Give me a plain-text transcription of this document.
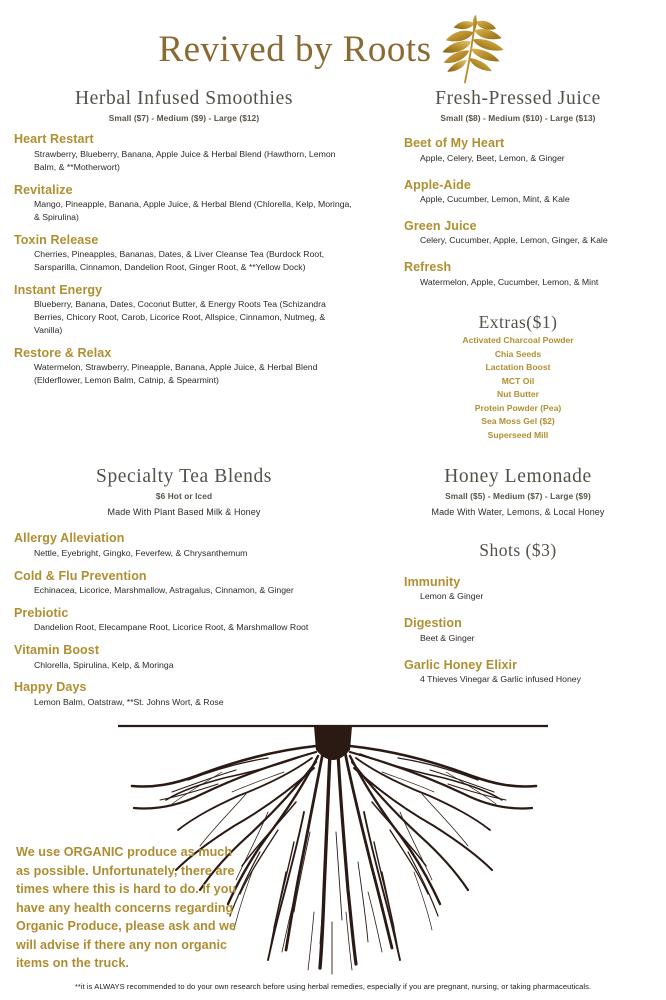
Revived by Roots
Herbal Infused Smoothies
Small ($7) - Medium ($9) - Large ($12)
Heart Restart
Strawberry, Blueberry, Banana, Apple Juice & Herbal Blend (Hawthorn, Lemon Balm, & **Motherwort)
Revitalize
Mango, Pineapple, Banana, Apple Juice, & Herbal Blend (Chlorella, Kelp, Moringa, & Spirulina)
Toxin Release
Cherries, Pineapples, Bananas, Dates, & Liver Cleanse Tea (Burdock Root, Sarsparilla, Cinnamon, Dandelion Root, Ginger Root, & **Yellow Dock)
Instant Energy
Blueberry, Banana, Dates, Coconut Butter, & Energy Roots Tea (Schizandra Berries, Chicory Root, Carob, Licorice Root, Allspice, Cinnamon, Nutmeg, & Vanilla)
Restore & Relax
Watermelon, Strawberry, Pineapple, Banana, Apple Juice, & Herbal Blend (Elderflower, Lemon Balm, Catnip, & Spearmint)
Fresh-Pressed Juice
Small ($8) - Medium ($10) - Large ($13)
Beet of My Heart
Apple, Celery, Beet, Lemon, & Ginger
Apple-Aide
Apple, Cucumber, Lemon, Mint, & Kale
Green Juice
Celery, Cucumber, Apple, Lemon, Ginger, & Kale
Refresh
Watermelon, Apple, Cucumber, Lemon, & Mint
Extras($1)
Activated Charcoal Powder
Chia Seeds
Lactation Boost
MCT Oil
Nut Butter
Protein Powder (Pea)
Sea Moss Gel ($2)
Superseed Mill
Specialty Tea Blends
$6 Hot or Iced
Made With Plant Based Milk & Honey
Allergy Alleviation
Nettle, Eyebright, Gingko, Feverfew, & Chrysanthemum
Cold & Flu Prevention
Echinacea, Licorice, Marshmallow, Astragalus, Cinnamon, & Ginger
Prebiotic
Dandelion Root, Elecampane Root, Licorice Root, & Marshmallow Root
Vitamin Boost
Chlorella, Spirulina, Kelp, & Moringa
Happy Days
Lemon Balm, Oatstraw, **St. Johns Wort, & Rose
Honey Lemonade
Small ($5) - Medium ($7) - Large ($9)
Made With Water, Lemons, & Local Honey
Shots ($3)
Immunity
Lemon & Ginger
Digestion
Beet & Ginger
Garlic Honey Elixir
4 Thieves Vinegar & Garlic infused Honey
We use ORGANIC produce as much as possible. Unfortunately, there are times where this is hard to do. If you have any health concerns regarding Organic Produce, please ask and we will advise if there any non organic items on the truck.
**it is ALWAYS recommended to do your own research before using herbal remedies, especially if you are pregnant, nursing, or taking pharmaceuticals.
